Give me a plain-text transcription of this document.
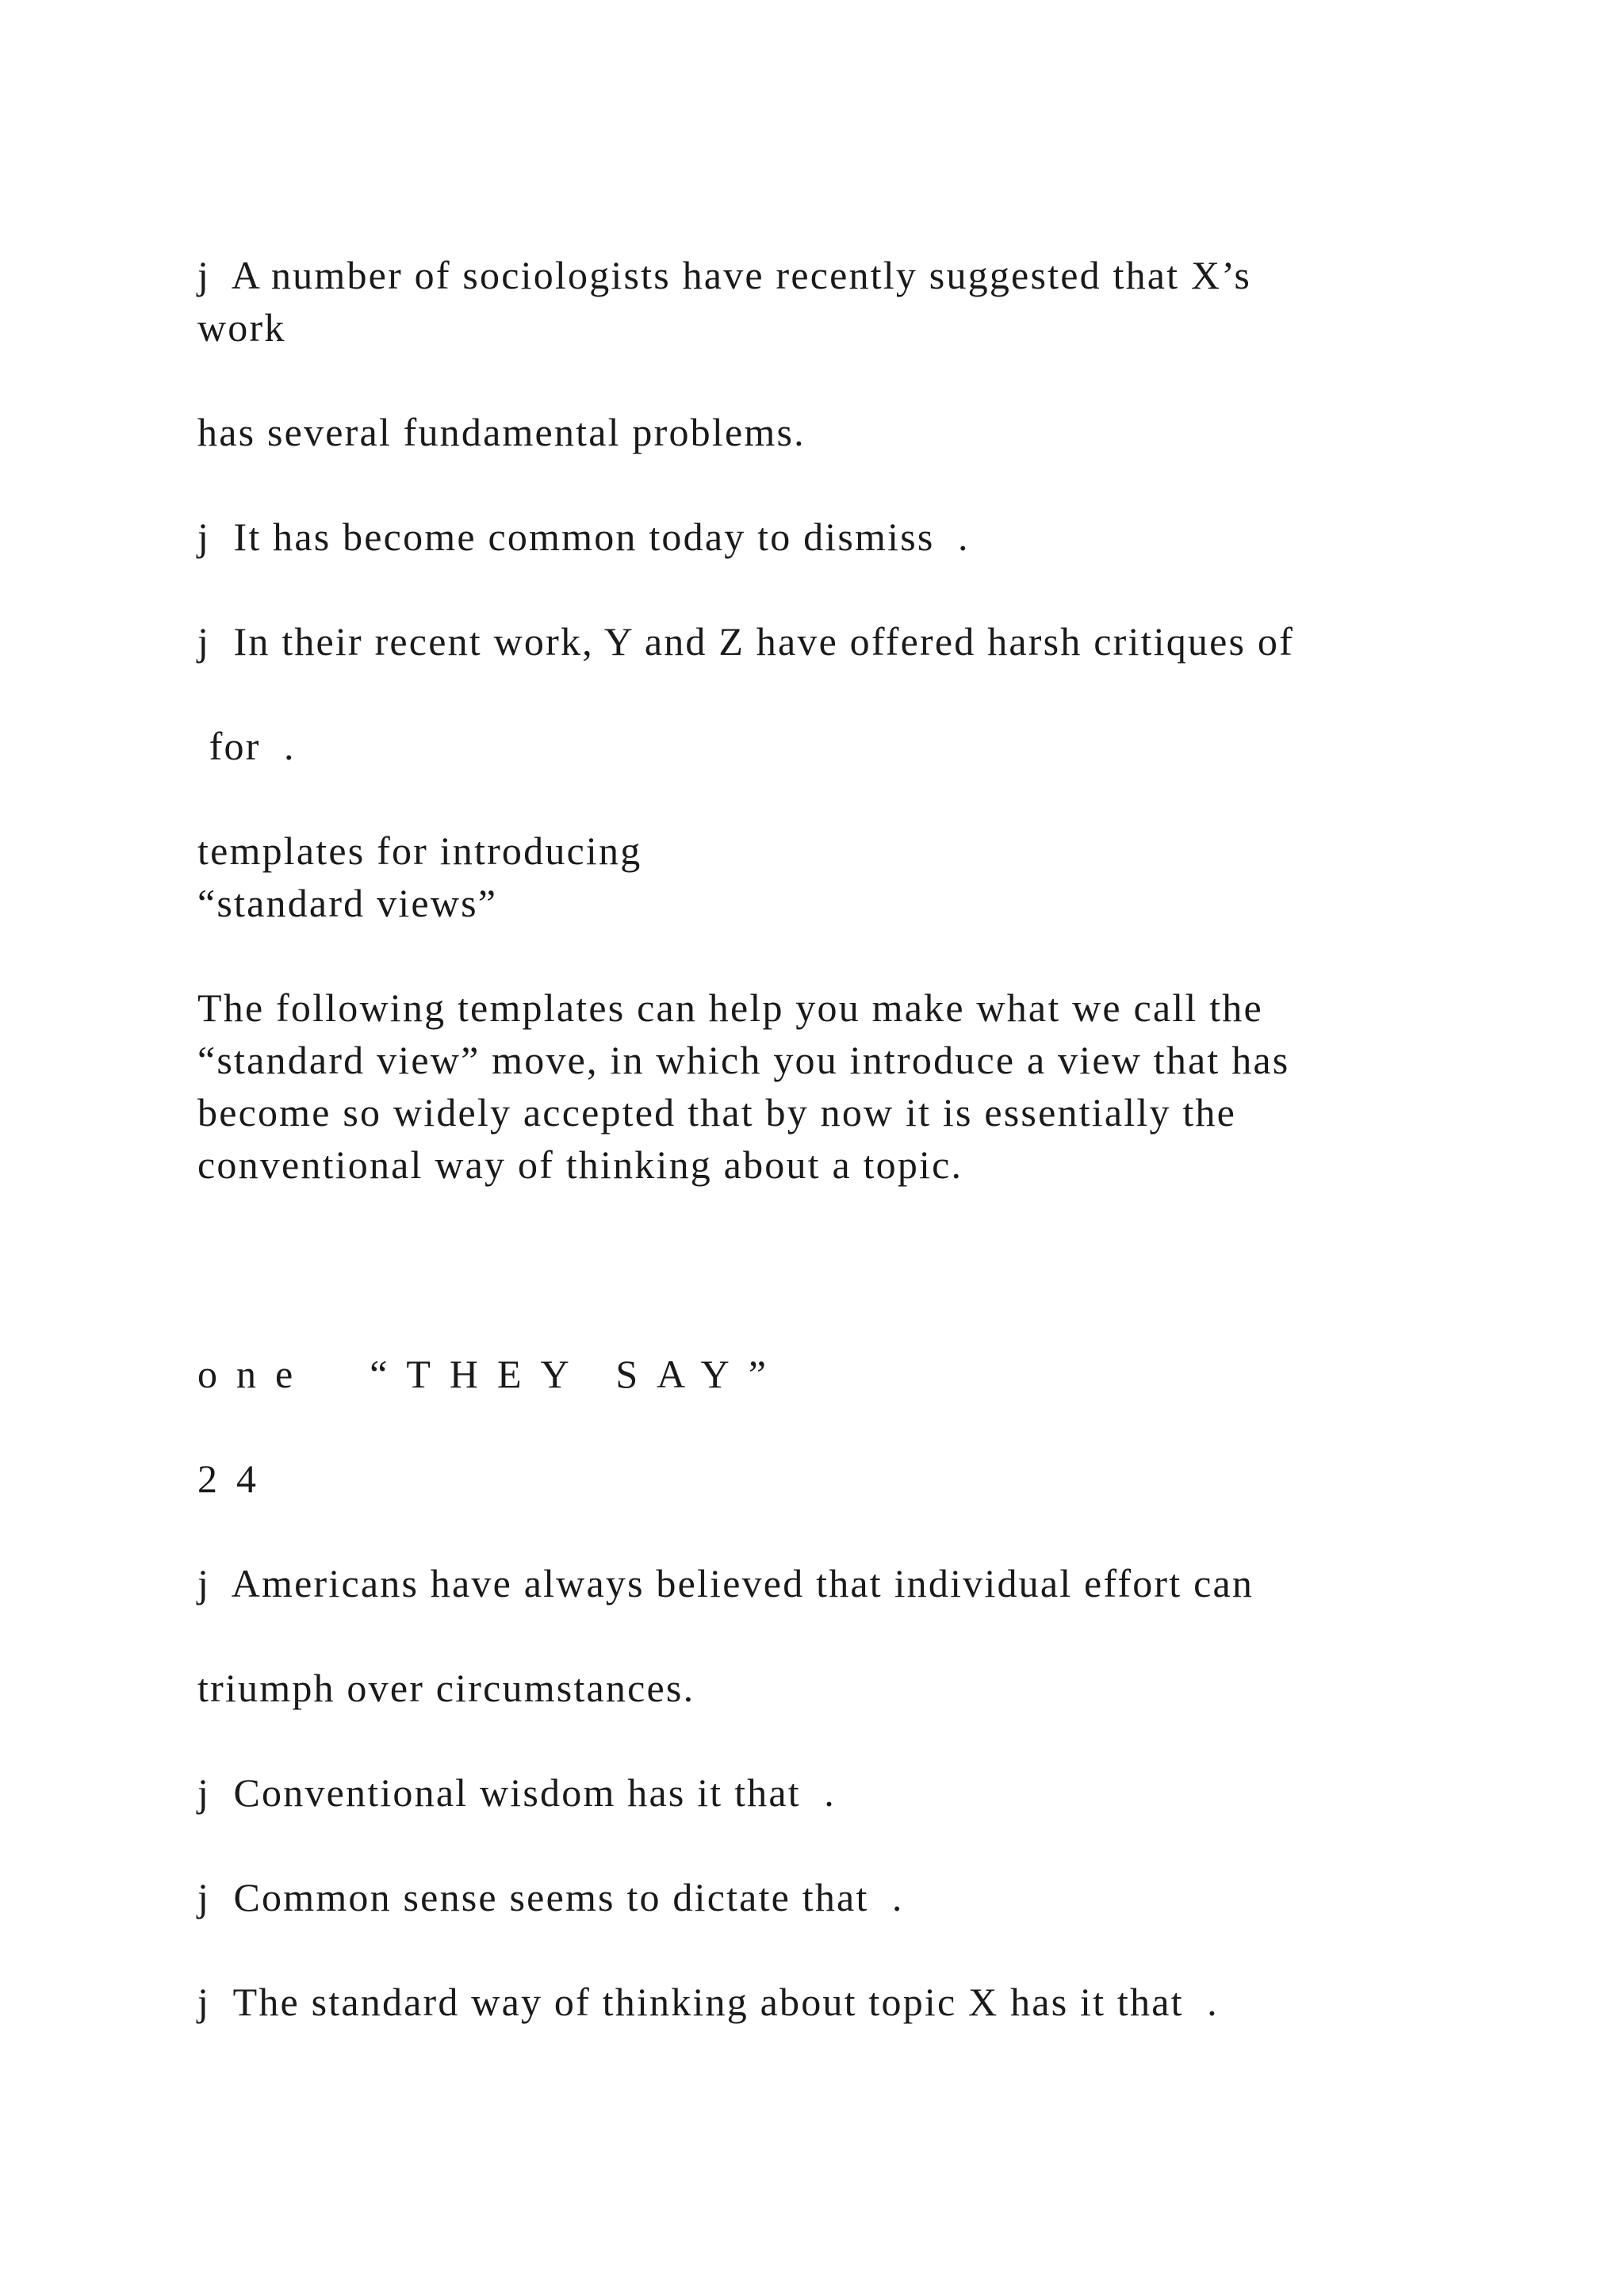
j  A number of sociologists have recently suggested that X’s
work
has several fundamental problems.
j  It has become common today to dismiss  .
j  In their recent work, Y and Z have offered harsh critiques of
for  .
templates for introducing
“standard views”
The following templates can help you make what we call the
“standard view” move, in which you introduce a view that has
become so widely accepted that by now it is essentially the
conventional way of thinking about a topic.
one  “THEY SAY”
24
j  Americans have always believed that individual effort can
triumph over circumstances.
j  Conventional wisdom has it that  .
j  Common sense seems to dictate that  .
j  The standard way of thinking about topic X has it that  .
